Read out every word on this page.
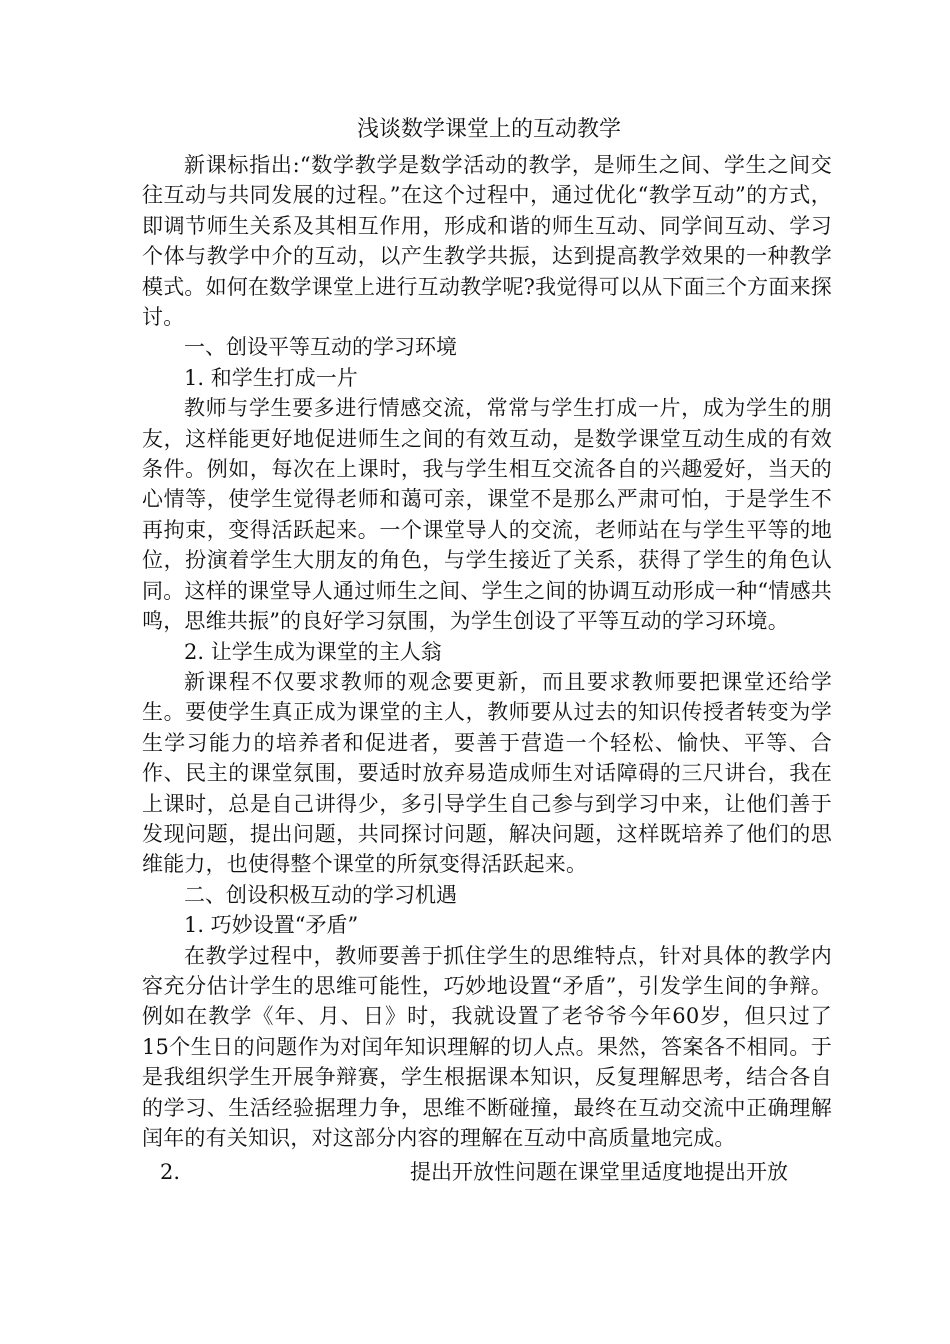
浅谈数学课堂上的互动教学

新课标指出:“数学教学是数学活动的教学，是师生之间、学生之间交往互动与共同发展的过程。”在这个过程中，通过优化“教学互动”的方式，即调节师生关系及其相互作用，形成和谐的师生互动、同学间互动、学习个体与教学中介的互动，以产生教学共振，达到提高教学效果的一种教学模式。如何在数学课堂上进行互动教学呢?我觉得可以从下面三个方面来探讨。

一、创设平等互动的学习环境

1. 和学生打成一片

教师与学生要多进行情感交流，常常与学生打成一片，成为学生的朋友，这样能更好地促进师生之间的有效互动，是数学课堂互动生成的有效条件。例如，每次在上课时，我与学生相互交流各自的兴趣爱好，当天的心情等，使学生觉得老师和蔼可亲，课堂不是那么严肃可怕，于是学生不再拘束，变得活跃起来。一个课堂导人的交流，老师站在与学生平等的地位，扮演着学生大朋友的角色，与学生接近了关系，获得了学生的角色认同。这样的课堂导人通过师生之间、学生之间的协调互动形成一种“情感共鸣，思维共振”的良好学习氛围，为学生创设了平等互动的学习环境。

2. 让学生成为课堂的主人翁

新课程不仅要求教师的观念要更新，而且要求教师要把课堂还给学生。要使学生真正成为课堂的主人，教师要从过去的知识传授者转变为学生学习能力的培养者和促进者，要善于营造一个轻松、愉快、平等、合作、民主的课堂氛围，要适时放弃易造成师生对话障碍的三尺讲台，我在上课时，总是自己讲得少，多引导学生自己参与到学习中来，让他们善于发现问题，提出问题，共同探讨问题，解决问题，这样既培养了他们的思维能力，也使得整个课堂的所氛变得活跃起来。

二、创设积极互动的学习机遇

1. 巧妙设置“矛盾”

在教学过程中，教师要善于抓住学生的思维特点，针对具体的教学内容充分估计学生的思维可能性，巧妙地设置“矛盾”，引发学生间的争辩。例如在教学《年、月、日》时，我就设置了老爷爷今年60岁，但只过了15个生日的问题作为对闰年知识理解的切人点。果然，答案各不相同。于是我组织学生开展争辩赛，学生根据课本知识，反复理解思考，结合各自的学习、生活经验据理力争，思维不断碰撞，最终在互动交流中正确理解闰年的有关知识，对这部分内容的理解在互动中高质量地完成。

2.	提出开放性问题在课堂里适度地提出开放
